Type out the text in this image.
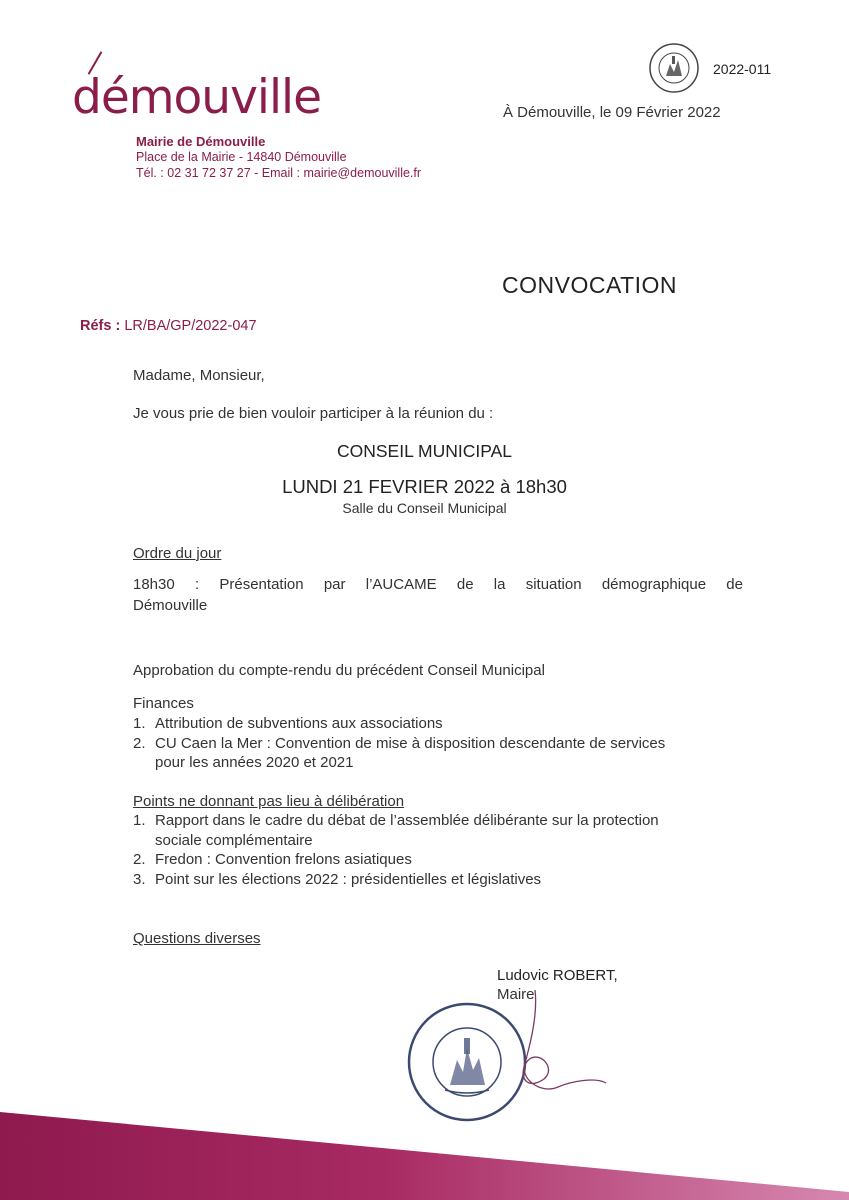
démouville
Mairie de Démouville
Place de la Mairie - 14840 Démouville
Tél. : 02 31 72 37 27 - Email : mairie@demouville.fr
2022-011
À Démouville, le 09 Février 2022
CONVOCATION
Réfs : LR/BA/GP/2022-047
Madame, Monsieur,
Je vous prie de bien vouloir participer à la réunion du :
CONSEIL MUNICIPAL
LUNDI 21 FEVRIER 2022 à 18h30
Salle du Conseil Municipal
Ordre du jour
18h30 : Présentation par l’AUCAME de la situation démographique de
Démouville
Approbation du compte-rendu du précédent Conseil Municipal
Finances
1. Attribution de subventions aux associations
2. CU Caen la Mer : Convention de mise à disposition descendante de services
pour les années 2020 et 2021
Points ne donnant pas lieu à délibération
1. Rapport dans le cadre du débat de l’assemblée délibérante sur la protection
sociale complémentaire
2. Fredon : Convention frelons asiatiques
3. Point sur les élections 2022 : présidentielles et législatives
Questions diverses
Ludovic ROBERT,
Maire
